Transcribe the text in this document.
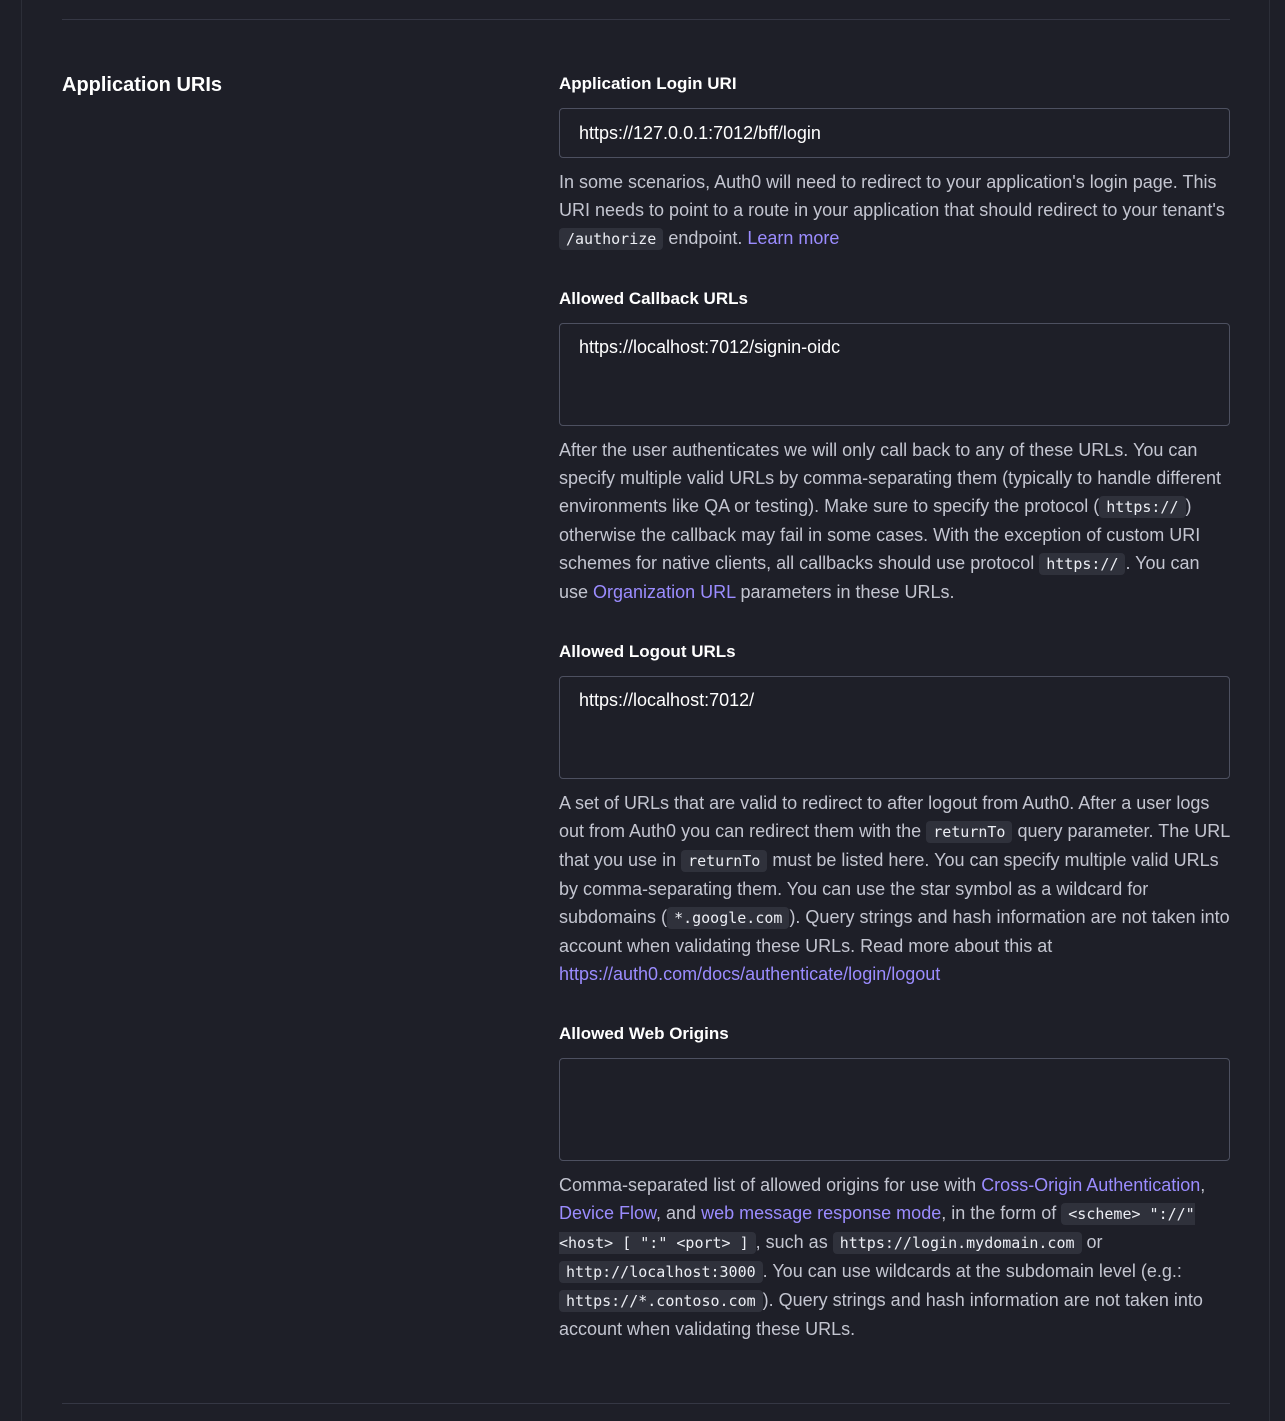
Application URIs	Application Login URI
https://127.0.0.1:7012/bff/login

In some scenarios, Auth0 will need to redirect to your application's login page. This URI needs to point to a route in your application that should redirect to your tenant's /authorize endpoint. Learn more

Allowed Callback URLs
https://localhost:7012/signin-oidc

After the user authenticates we will only call back to any of these URLs. You can specify multiple valid URLs by comma-separating them (typically to handle different environments like QA or testing). Make sure to specify the protocol ( https:// ) otherwise the callback may fail in some cases. With the exception of custom URI schemes for native clients, all callbacks should use protocol https:// . You can use Organization URL parameters in these URLs.

Allowed Logout URLs
https://localhost:7012/

A set of URLs that are valid to redirect to after logout from Auth0. After a user logs out from Auth0 you can redirect them with the returnTo query parameter. The URL that you use in returnTo must be listed here. You can specify multiple valid URLs by comma-separating them. You can use the star symbol as a wildcard for subdomains ( *.google.com ). Query strings and hash information are not taken into account when validating these URLs. Read more about this at https://auth0.com/docs/authenticate/login/logout

Allowed Web Origins

Comma-separated list of allowed origins for use with Cross-Origin Authentication, Device Flow, and web message response mode, in the form of <scheme> "://" <host> [ ":" <port> ] , such as https://login.mydomain.com or http://localhost:3000 . You can use wildcards at the subdomain level (e.g.: https://*.contoso.com ). Query strings and hash information are not taken into account when validating these URLs.
